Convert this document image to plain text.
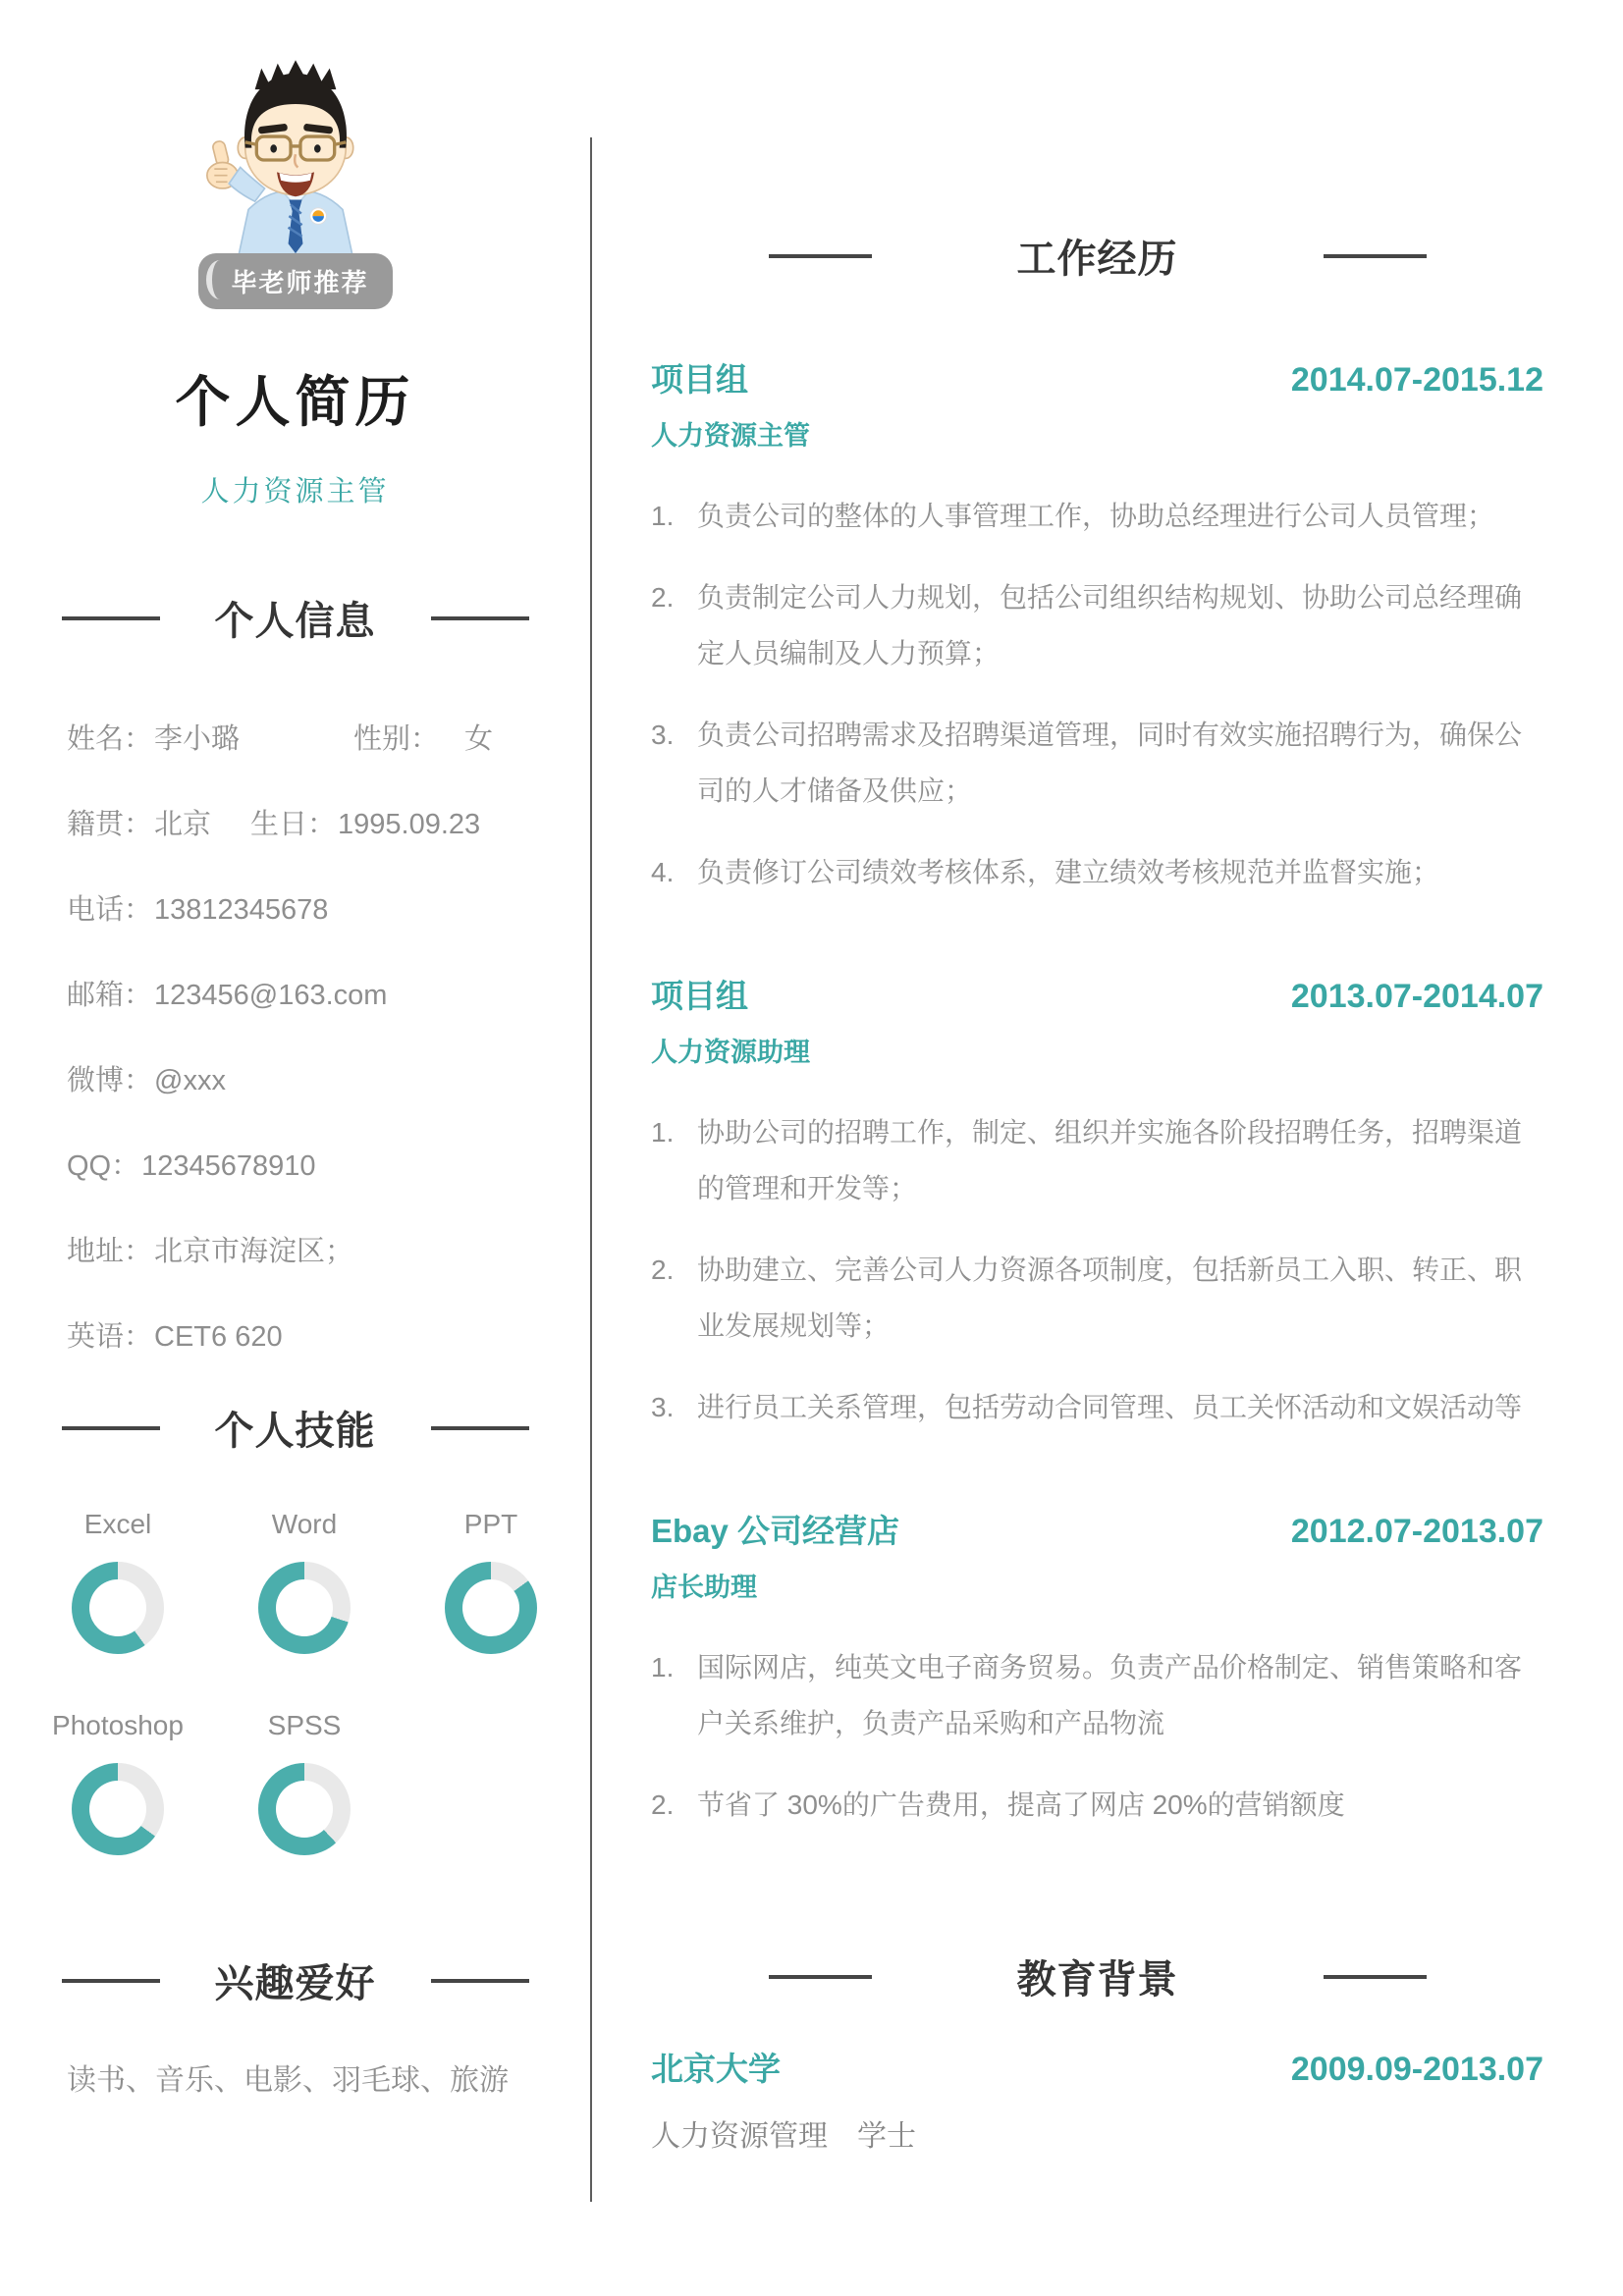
毕老师推荐
个人简历
人力资源主管
个人信息
姓名：李小璐	性别： 女
籍贯：北京 生日：1995.09.23
电话：13812345678
邮箱：123456@163.com
微博：@xxx
QQ：12345678910
地址：北京市海淀区；
英语：CET6 620
个人技能
Excel	Word	PPT
Photoshop	SPSS
兴趣爱好
读书、音乐、电影、羽毛球、旅游
工作经历
项目组	2014.07-2015.12
人力资源主管
负责公司的整体的人事管理工作，协助总经理进行公司人员管理；
负责制定公司人力规划，包括公司组织结构规划、协助公司总经理确定人员编制及人力预算；
负责公司招聘需求及招聘渠道管理，同时有效实施招聘行为，确保公司的人才储备及供应；
负责修订公司绩效考核体系，建立绩效考核规范并监督实施；
项目组	2013.07-2014.07
人力资源助理
协助公司的招聘工作，制定、组织并实施各阶段招聘任务，招聘渠道的管理和开发等；
协助建立、完善公司人力资源各项制度，包括新员工入职、转正、职业发展规划等；
进行员工关系管理，包括劳动合同管理、员工关怀活动和文娱活动等
Ebay 公司经营店	2012.07-2013.07
店长助理
国际网店，纯英文电子商务贸易。负责产品价格制定、销售策略和客户关系维护，负责产品采购和产品物流
节省了 30%的广告费用，提高了网店 20%的营销额度
教育背景
北京大学	2009.09-2013.07
人力资源管理　学士
